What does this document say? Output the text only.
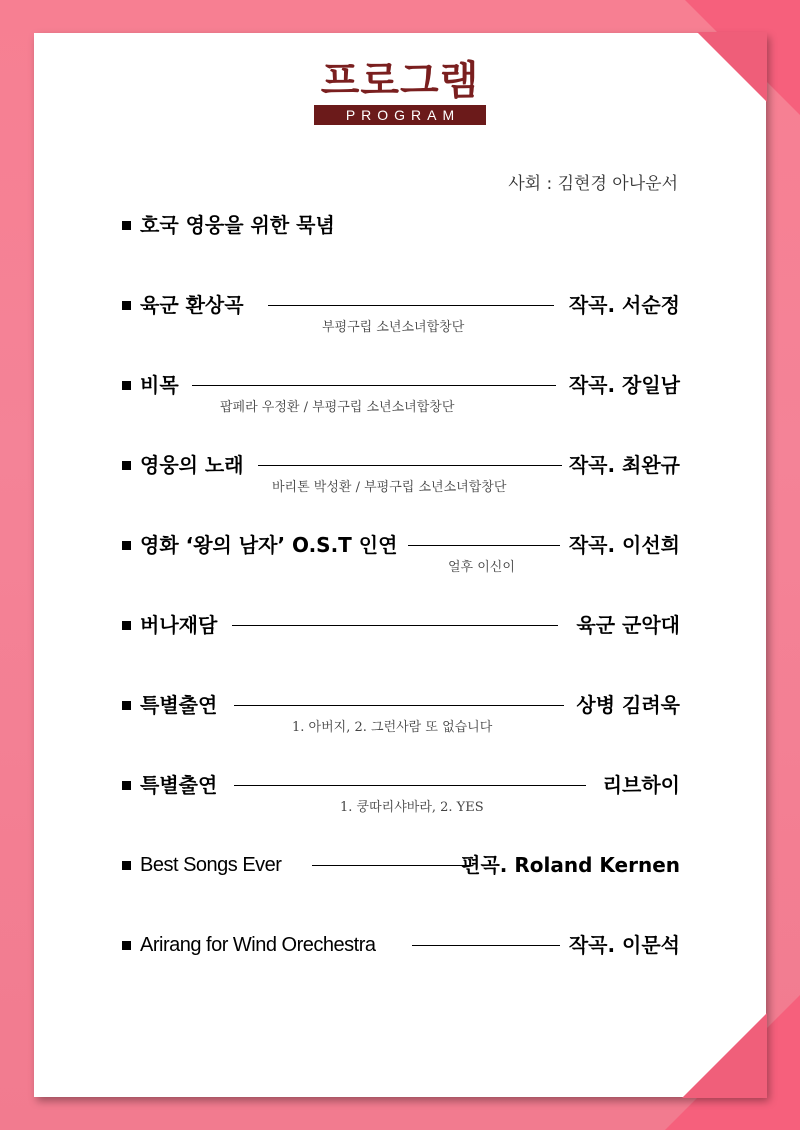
프로그램
PROGRAM
사회 : 김현경 아나운서
호국 영웅을 위한 묵념
육군 환상곡	작곡. 서순정
부평구립 소년소녀합창단
비목	작곡. 장일남
팝페라 우정환 / 부평구립 소년소녀합창단
영웅의 노래	작곡. 최완규
바리톤 박성환 / 부평구립 소년소녀합창단
영화 ‘왕의 남자’ O.S.T 인연	작곡. 이선희
얼후 이신이
버나재담	육군 군악대
특별출연	상병 김려욱
1. 아버지, 2. 그런사람 또 없습니다
특별출연	리브하이
1. 쿵따리샤바라, 2. YES
Best Songs Ever	편곡. Roland Kernen
Arirang for Wind Orechestra	작곡. 이문석
